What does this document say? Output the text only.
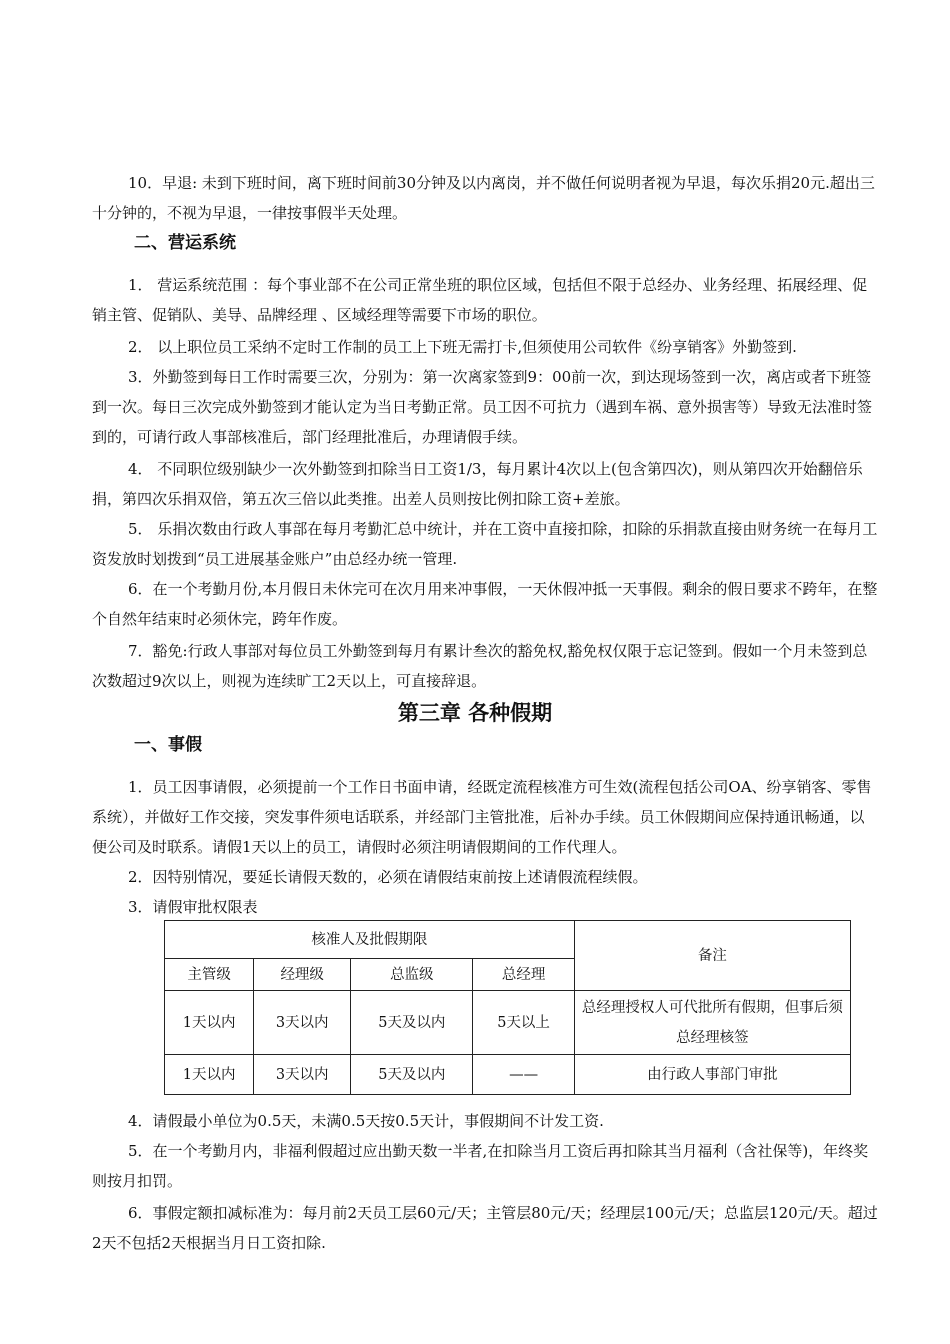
10．早退: 未到下班时间，离下班时间前30分钟及以内离岗，并不做任何说明者视为早退，每次乐捐20元.超出三十分钟的，不视为早退，一律按事假半天处理。
二、营运系统
1． 营运系统范围 ：每个事业部不在公司正常坐班的职位区域，包括但不限于总经办、业务经理、拓展经理、促销主管、促销队、美导、品牌经理 、区域经理等需要下市场的职位。
2． 以上职位员工采纳不定时工作制的员工上下班无需打卡,但须使用公司软件《纷享销客》外勤签到.
3．外勤签到每日工作时需要三次，分别为：第一次离家签到9：00前一次，到达现场签到一次，离店或者下班签到一次。每日三次完成外勤签到才能认定为当日考勤正常。员工因不可抗力（遇到车祸、意外损害等）导致无法准时签到的，可请行政人事部核准后，部门经理批准后，办理请假手续。
4． 不同职位级别缺少一次外勤签到扣除当日工资1/3，每月累计4次以上(包含第四次)，则从第四次开始翻倍乐捐，第四次乐捐双倍，第五次三倍以此类推。出差人员则按比例扣除工资+差旅。
5． 乐捐次数由行政人事部在每月考勤汇总中统计，并在工资中直接扣除，扣除的乐捐款直接由财务统一在每月工资发放时划拨到“员工进展基金账户”由总经办统一管理.
6．在一个考勤月份,本月假日未休完可在次月用来冲事假，一天休假冲抵一天事假。剩余的假日要求不跨年，在整个自然年结束时必须休完，跨年作废。
7．豁免:行政人事部对每位员工外勤签到每月有累计叁次的豁免权,豁免权仅限于忘记签到。假如一个月未签到总次数超过9次以上，则视为连续旷工2天以上，可直接辞退。
第三章 各种假期
一、事假
1．员工因事请假，必须提前一个工作日书面申请，经既定流程核准方可生效(流程包括公司OA、纷享销客、零售系统），并做好工作交接，突发事件须电话联系，并经部门主管批准，后补办手续。员工休假期间应保持通讯畅通，以便公司及时联系。请假1天以上的员工，请假时必须注明请假期间的工作代理人。
2．因特别情况，要延长请假天数的，必须在请假结束前按上述请假流程续假。
3．请假审批权限表
核准人及批假期限				备注
主管级	经理级	总监级	总经理	
1天以内	3天以内	5天及以内	5天以上	总经理授权人可代批所有假期，但事后须总经理核签
1天以内	3天以内	5天及以内	——	由行政人事部门审批
4．请假最小单位为0.5天，未满0.5天按0.5天计，事假期间不计发工资.
5．在一个考勤月内，非福利假超过应出勤天数一半者,在扣除当月工资后再扣除其当月福利（含社保等)，年终奖则按月扣罚。
6．事假定额扣减标准为：每月前2天员工层60元/天；主管层80元/天；经理层100元/天；总监层120元/天。超过2天不包括2天根据当月日工资扣除.
